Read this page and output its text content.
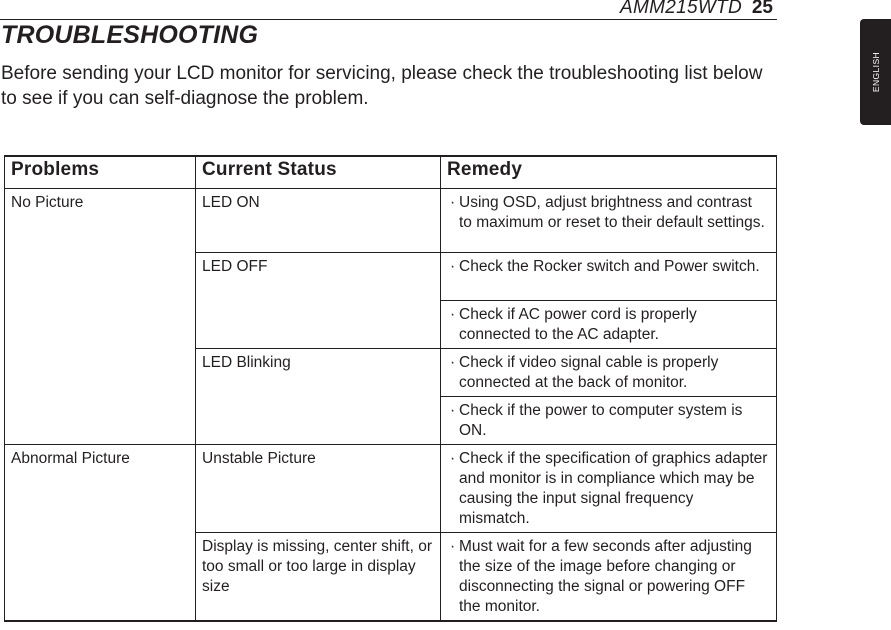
AMM215WTD 25
ENGLISH
TROUBLESHOOTING

Before sending your LCD monitor for servicing, please check the troubleshooting list below to see if you can self-diagnose the problem.

Problems	Current Status	Remedy
No Picture	LED ON	· Using OSD, adjust brightness and contrast to maximum or reset to their default settings.

	LED OFF	· Check the Rocker switch and Power switch.

		· Check if AC power cord is properly connected to the AC adapter.

	LED Blinking	· Check if video signal cable is properly connected at the back of monitor.

		· Check if the power to computer system is ON.

Abnormal Picture	Unstable Picture	· Check if the specification of graphics adapter and monitor is in compliance which may be causing the input signal frequency mismatch.

	Display is missing, center shift, or too small or too large in display size	· Must wait for a few seconds after adjusting the size of the image before changing or disconnecting the signal or powering OFF the monitor.
